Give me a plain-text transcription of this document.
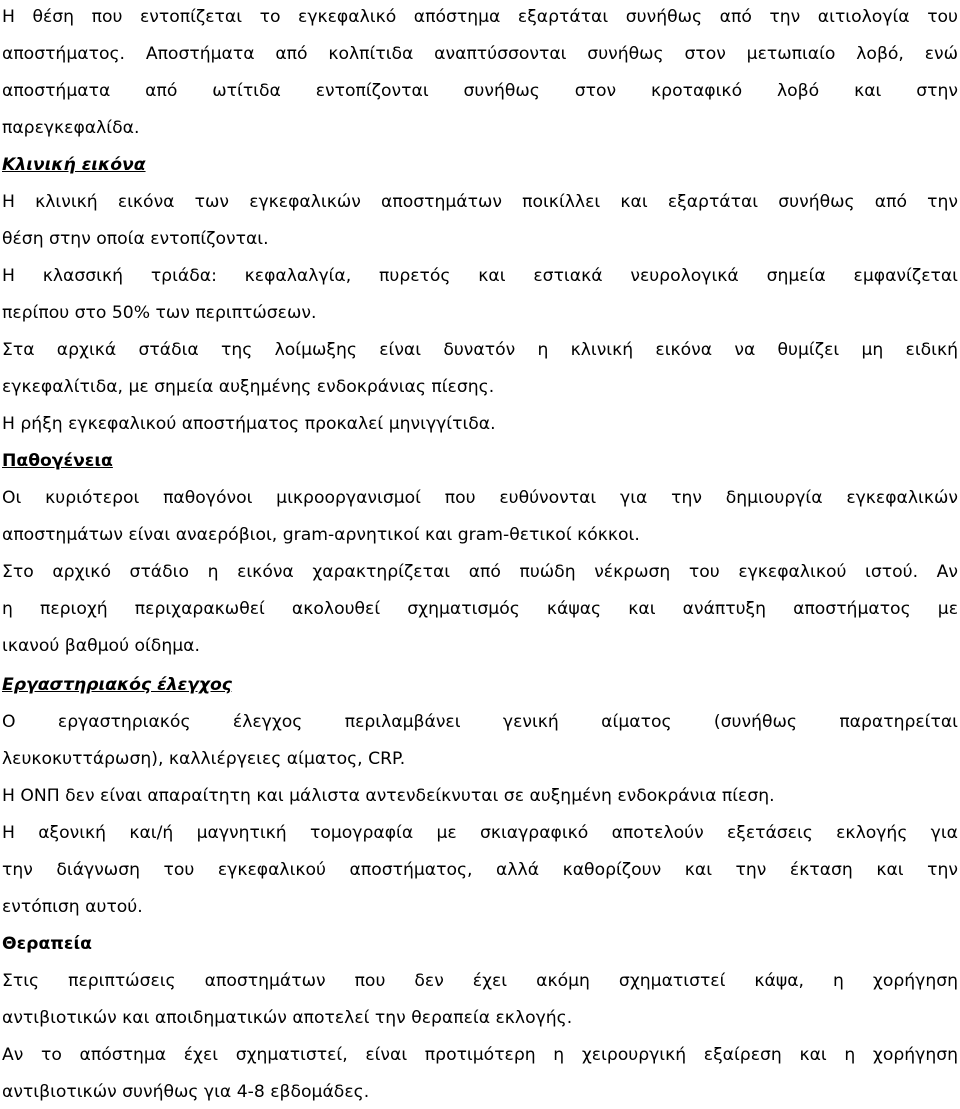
Η θέση που εντοπίζεται το εγκεφαλικό απόστημα εξαρτάται συνήθως από την αιτιολογία του
αποστήματος. Αποστήματα από κολπίτιδα αναπτύσσονται συνήθως στον μετωπιαίο λοβό, ενώ
αποστήματα από ωτίτιδα εντοπίζονται συνήθως στον κροταφικό λοβό και στην
παρεγκεφαλίδα.
Κλινική εικόνα
Η κλινική εικόνα των εγκεφαλικών αποστημάτων ποικίλλει και εξαρτάται συνήθως από την
θέση στην οποία εντοπίζονται.
Η κλασσική τριάδα: κεφαλαλγία, πυρετός και εστιακά νευρολογικά σημεία εμφανίζεται
περίπου στο 50% των περιπτώσεων.
Στα αρχικά στάδια της λοίμωξης είναι δυνατόν η κλινική εικόνα να θυμίζει μη ειδική
εγκεφαλίτιδα, με σημεία αυξημένης ενδοκράνιας πίεσης.
Η ρήξη εγκεφαλικού αποστήματος προκαλεί μηνιγγίτιδα.
Παθογένεια
Οι κυριότεροι παθογόνοι μικροοργανισμοί που ευθύνονται για την δημιουργία εγκεφαλικών
αποστημάτων είναι αναερόβιοι, gram-αρνητικοί και gram-θετικοί κόκκοι.
Στο αρχικό στάδιο η εικόνα χαρακτηρίζεται από πυώδη νέκρωση του εγκεφαλικού ιστού. Αν
η περιοχή περιχαρακωθεί ακολουθεί σχηματισμός κάψας και ανάπτυξη αποστήματος με
ικανού βαθμού οίδημα.
Εργαστηριακός έλεγχος
Ο εργαστηριακός έλεγχος περιλαμβάνει γενική αίματος (συνήθως παρατηρείται
λευκοκυττάρωση), καλλιέργειες αίματος, CRP.
Η ΟΝΠ δεν είναι απαραίτητη και μάλιστα αντενδείκνυται σε αυξημένη ενδοκράνια πίεση.
Η αξονική και/ή μαγνητική τομογραφία με σκιαγραφικό αποτελούν εξετάσεις εκλογής για
την διάγνωση του εγκεφαλικού αποστήματος, αλλά καθορίζουν και την έκταση και την
εντόπιση αυτού.
Θεραπεία
Στις περιπτώσεις αποστημάτων που δεν έχει ακόμη σχηματιστεί κάψα, η χορήγηση
αντιβιοτικών και αποιδηματικών αποτελεί την θεραπεία εκλογής.
Αν το απόστημα έχει σχηματιστεί, είναι προτιμότερη η χειρουργική εξαίρεση και η χορήγηση
αντιβιοτικών συνήθως για 4-8 εβδομάδες.
